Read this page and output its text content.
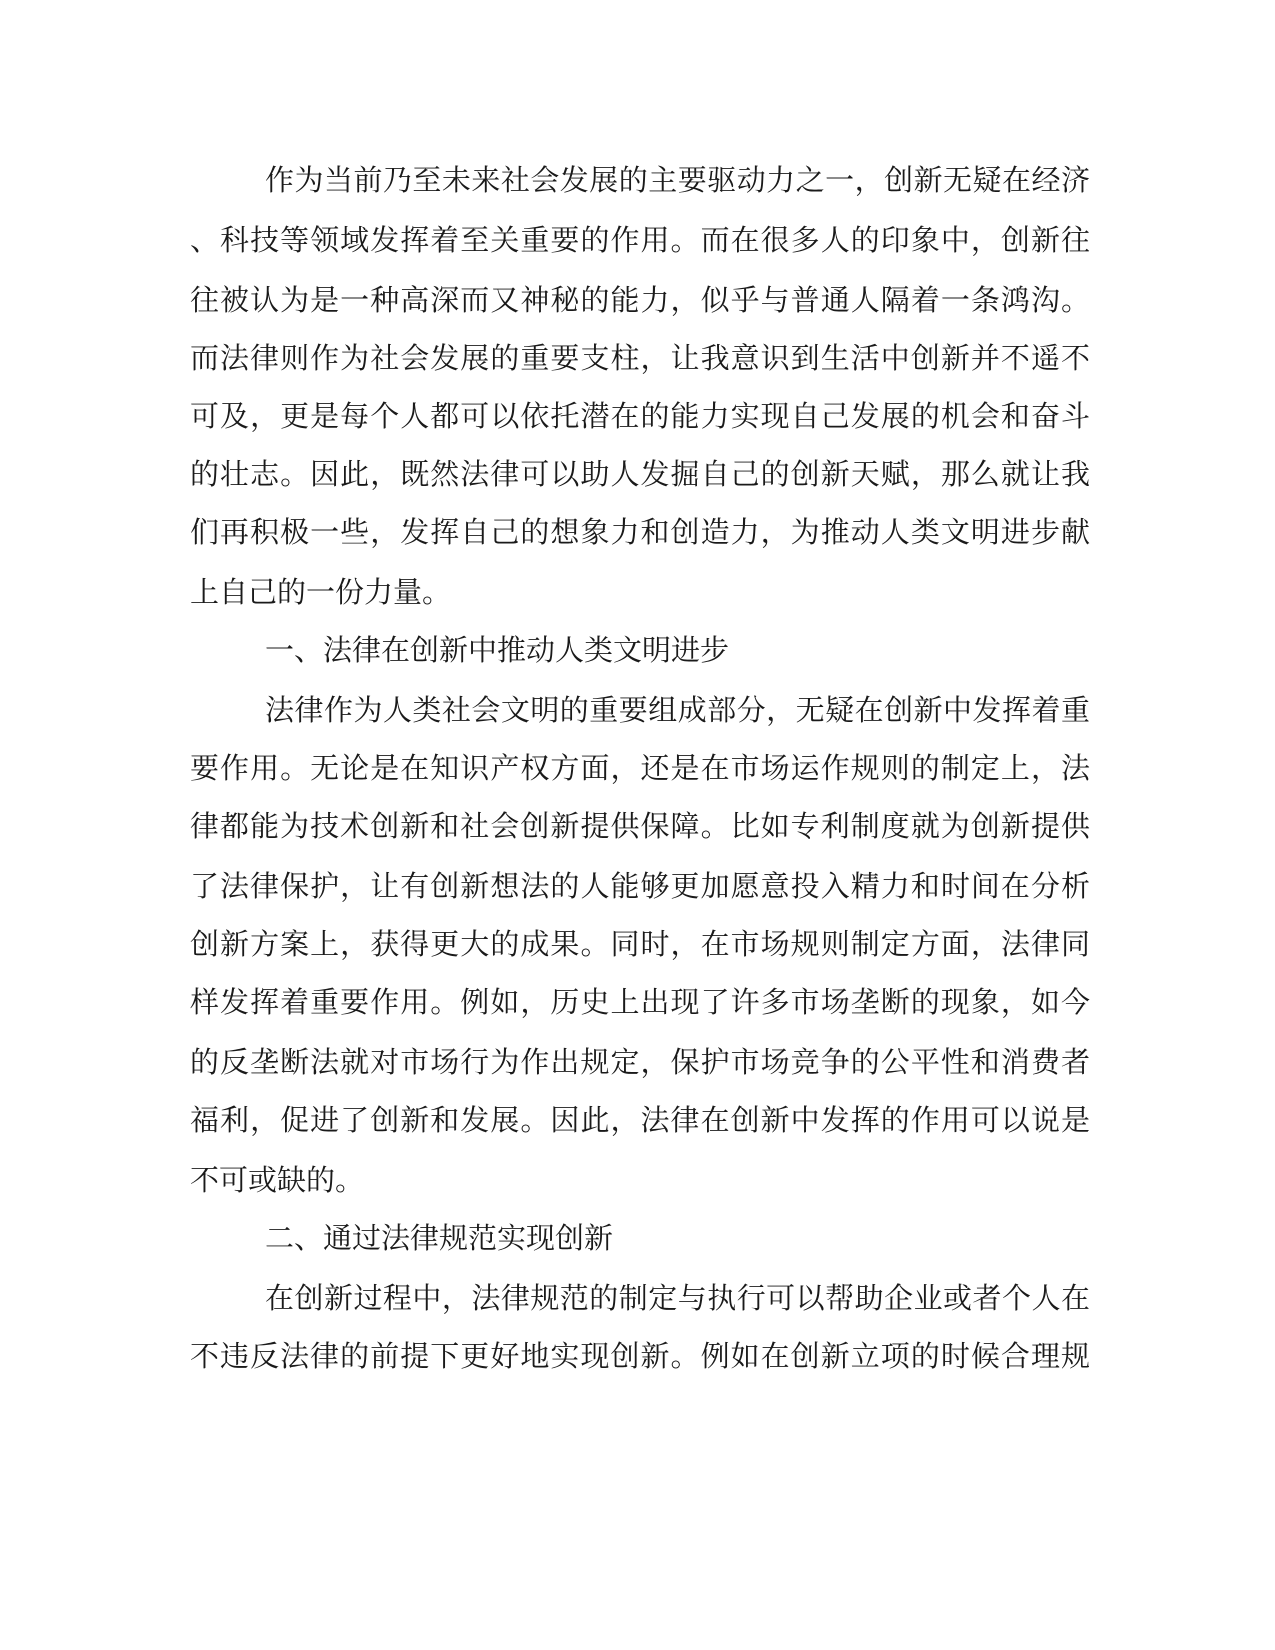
作为当前乃至未来社会发展的主要驱动力之一，创新无疑在经济

、科技等领域发挥着至关重要的作用。而在很多人的印象中，创新往

往被认为是一种高深而又神秘的能力，似乎与普通人隔着一条鸿沟。

而法律则作为社会发展的重要支柱，让我意识到生活中创新并不遥不

可及，更是每个人都可以依托潜在的能力实现自己发展的机会和奋斗

的壮志。因此，既然法律可以助人发掘自己的创新天赋，那么就让我

们再积极一些，发挥自己的想象力和创造力，为推动人类文明进步献

上自己的一份力量。

一、法律在创新中推动人类文明进步

法律作为人类社会文明的重要组成部分，无疑在创新中发挥着重

要作用。无论是在知识产权方面，还是在市场运作规则的制定上，法

律都能为技术创新和社会创新提供保障。比如专利制度就为创新提供

了法律保护，让有创新想法的人能够更加愿意投入精力和时间在分析

创新方案上，获得更大的成果。同时，在市场规则制定方面，法律同

样发挥着重要作用。例如，历史上出现了许多市场垄断的现象，如今

的反垄断法就对市场行为作出规定，保护市场竞争的公平性和消费者

福利，促进了创新和发展。因此，法律在创新中发挥的作用可以说是

不可或缺的。

二、通过法律规范实现创新

在创新过程中，法律规范的制定与执行可以帮助企业或者个人在

不违反法律的前提下更好地实现创新。例如在创新立项的时候合理规
